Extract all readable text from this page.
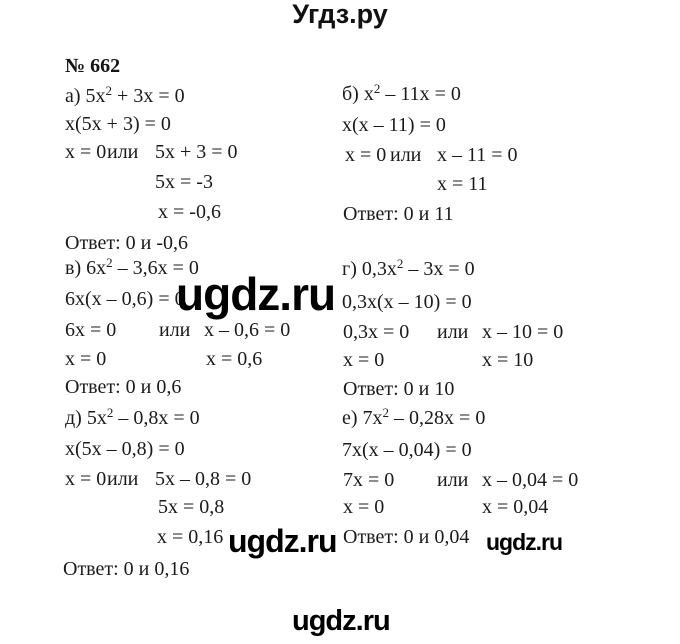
Угдз.ру
№ 662
а) $5x^2 + 3x = 0$
x(5x + 3) = 0
x = 0 или 5x + 3 = 0
5x = -3
x = -0,6
Ответ: 0 и -0,6
б) $x^2 - 11x = 0$
x(x – 11) = 0
x = 0 или x – 11 = 0
x = 11
Ответ: 0 и 11
в) $6x^2 - 3,6x = 0$
6x(x – 0,6) = 0
6x = 0 или x – 0,6 = 0
x = 0	x = 0,6
Ответ: 0 и 0,6
г) $0,3x^2 - 3x = 0$
0,3x(x – 10) = 0
0,3x = 0 или x – 10 = 0
x = 0	x = 10
Ответ: 0 и 10
д) $5x^2 - 0,8x = 0$
x(5x – 0,8) = 0
x = 0 или 5x – 0,8 = 0
5x = 0,8
x = 0,16
Ответ: 0 и 0,16
е) $7x^2 - 0,28x = 0$
7x(x – 0,04) = 0
7x = 0 или x – 0,04 = 0
x = 0	x = 0,04
Ответ: 0 и 0,04
ugdz.ru
ugdz.ru	ugdz.ru
ugdz.ru
